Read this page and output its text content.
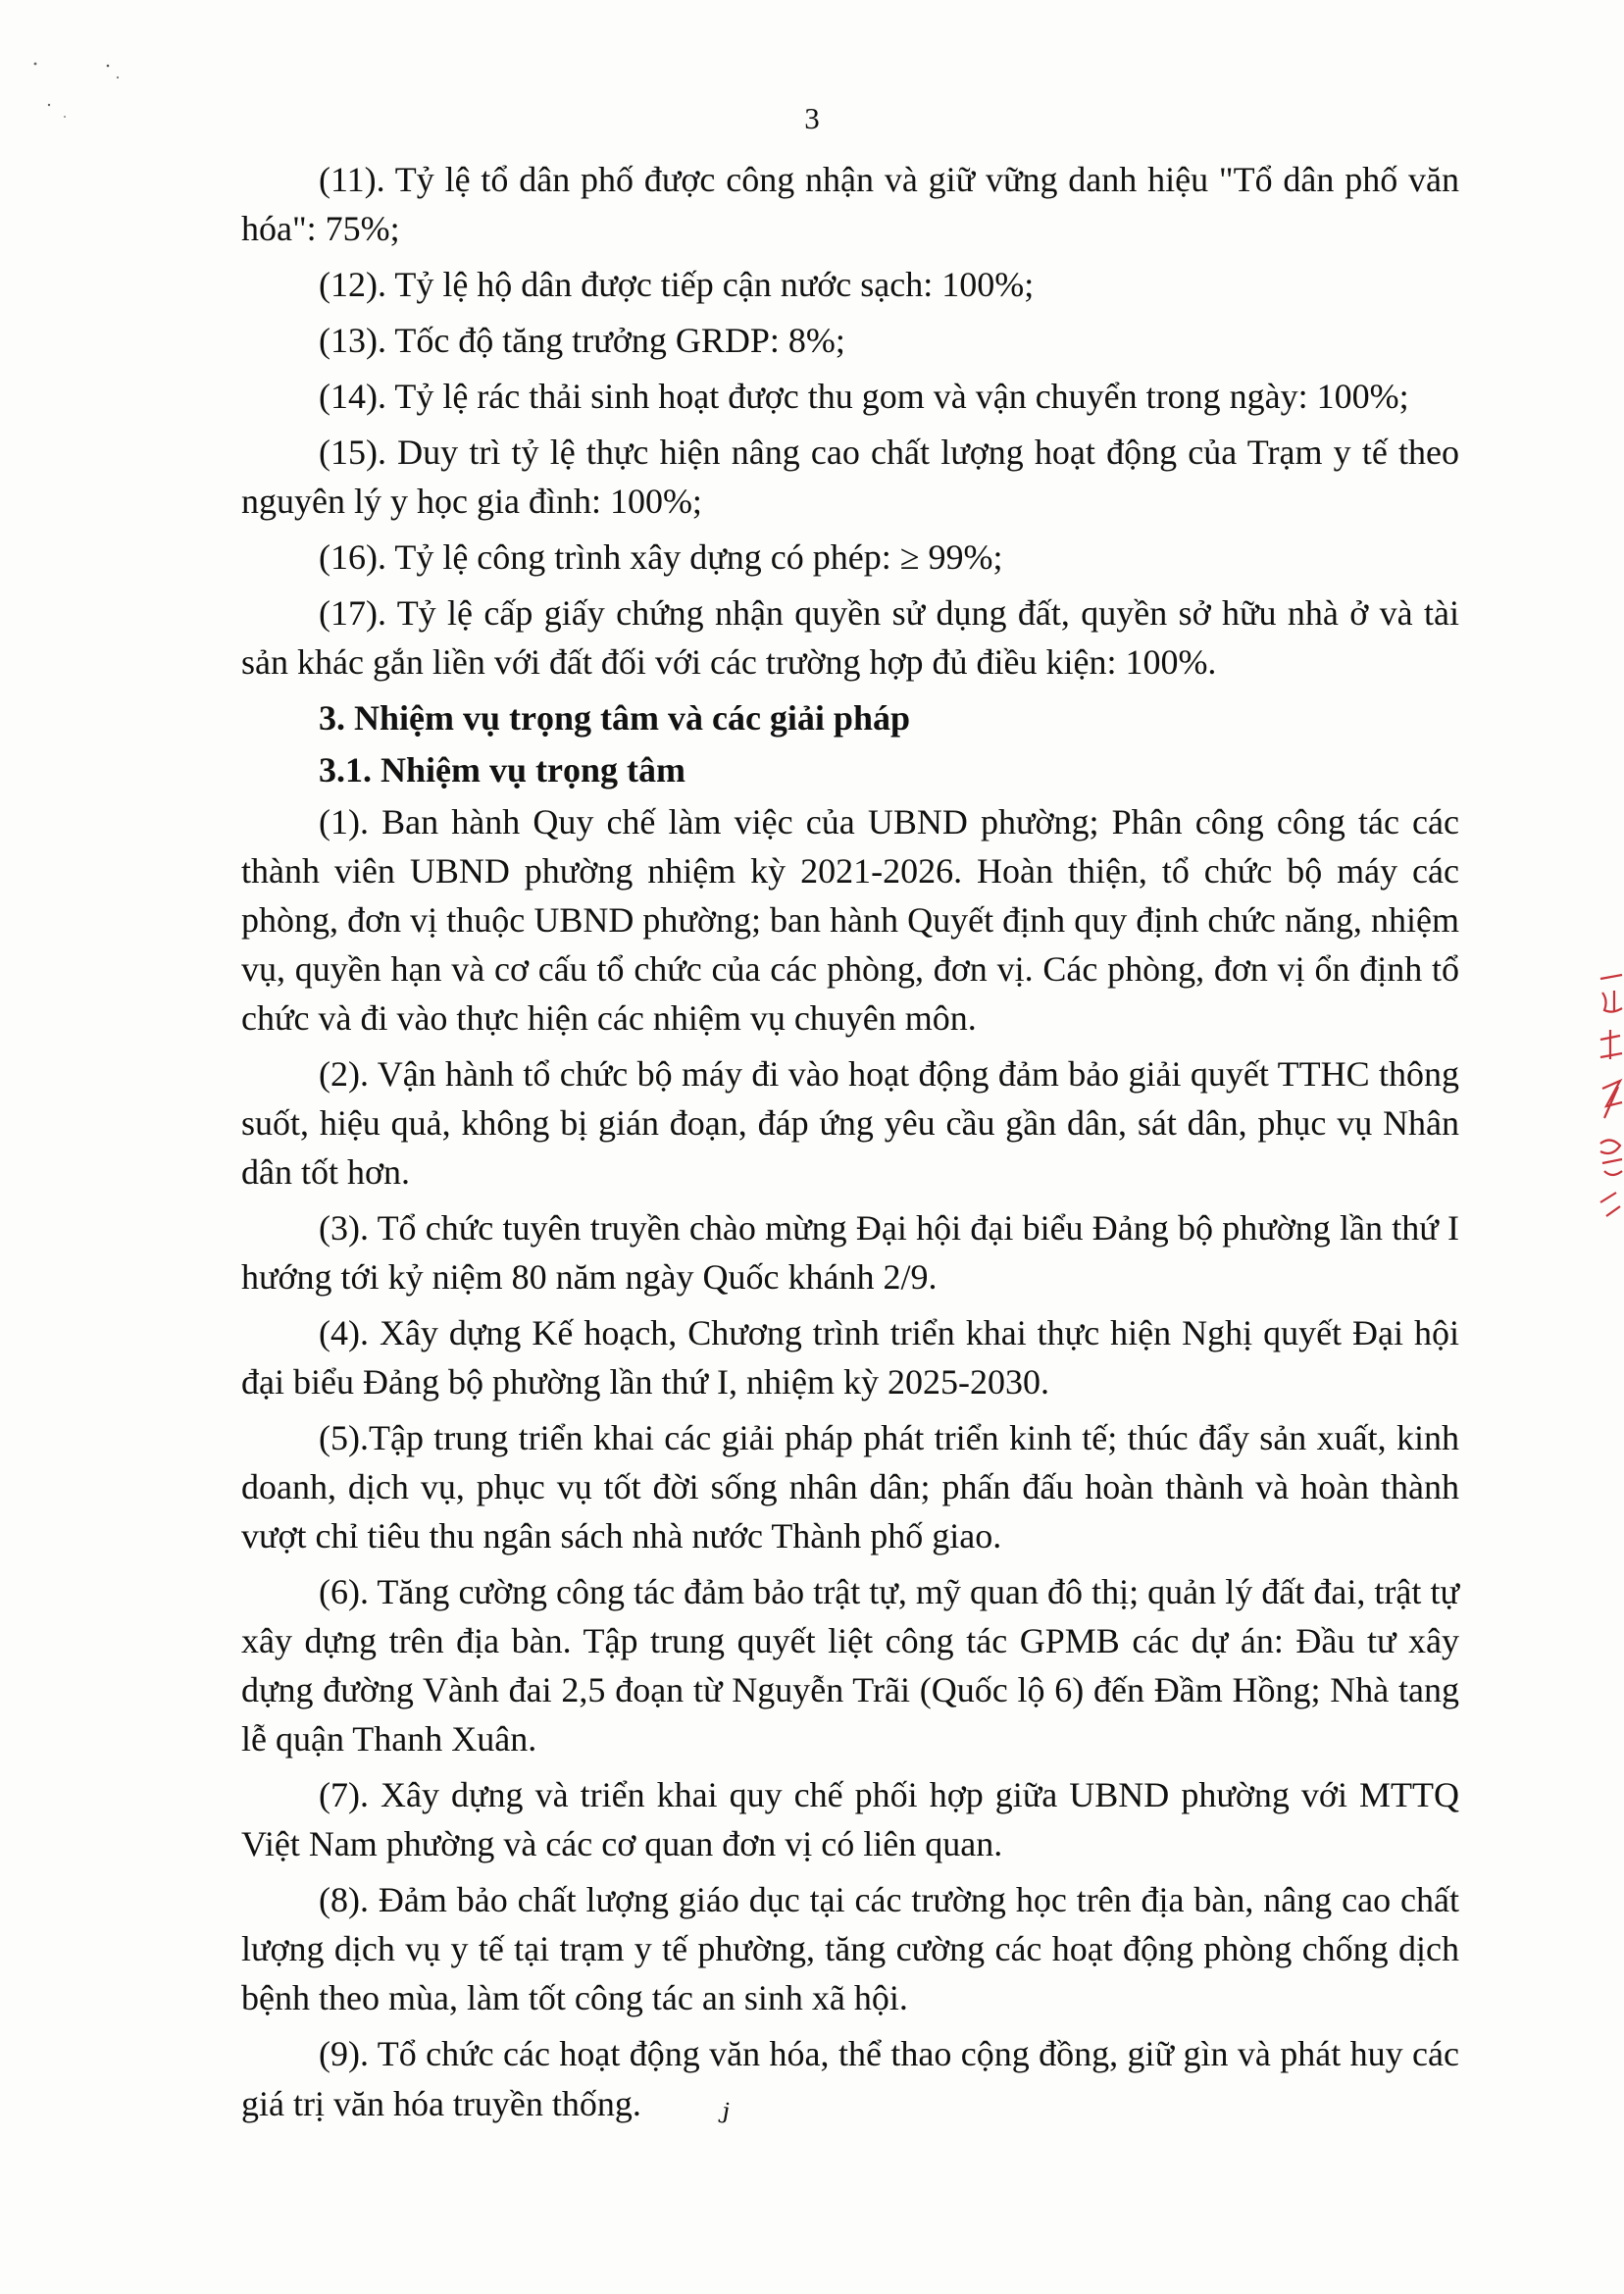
3

(11). Tỷ lệ tổ dân phố được công nhận và giữ vững danh hiệu "Tổ dân phố văn hóa": 75%;

(12). Tỷ lệ hộ dân được tiếp cận nước sạch: 100%;

(13). Tốc độ tăng trưởng GRDP: 8%;

(14). Tỷ lệ rác thải sinh hoạt được thu gom và vận chuyển trong ngày: 100%;

(15). Duy trì tỷ lệ thực hiện nâng cao chất lượng hoạt động của Trạm y tế theo nguyên lý y học gia đình: 100%;

(16). Tỷ lệ công trình xây dựng có phép: ≥ 99%;

(17). Tỷ lệ cấp giấy chứng nhận quyền sử dụng đất, quyền sở hữu nhà ở và tài sản khác gắn liền với đất đối với các trường hợp đủ điều kiện: 100%.

3. Nhiệm vụ trọng tâm và các giải pháp

3.1. Nhiệm vụ trọng tâm

(1). Ban hành Quy chế làm việc của UBND phường; Phân công công tác các thành viên UBND phường nhiệm kỳ 2021-2026. Hoàn thiện, tổ chức bộ máy các phòng, đơn vị thuộc UBND phường; ban hành Quyết định quy định chức năng, nhiệm vụ, quyền hạn và cơ cấu tổ chức của các phòng, đơn vị. Các phòng, đơn vị ổn định tổ chức và đi vào thực hiện các nhiệm vụ chuyên môn.

(2). Vận hành tổ chức bộ máy đi vào hoạt động đảm bảo giải quyết TTHC thông suốt, hiệu quả, không bị gián đoạn, đáp ứng yêu cầu gần dân, sát dân, phục vụ Nhân dân tốt hơn.

(3). Tổ chức tuyên truyền chào mừng Đại hội đại biểu Đảng bộ phường lần thứ I hướng tới kỷ niệm 80 năm ngày Quốc khánh 2/9.

(4). Xây dựng Kế hoạch, Chương trình triển khai thực hiện Nghị quyết Đại hội đại biểu Đảng bộ phường lần thứ I, nhiệm kỳ 2025-2030.

(5).Tập trung triển khai các giải pháp phát triển kinh tế; thúc đẩy sản xuất, kinh doanh, dịch vụ, phục vụ tốt đời sống nhân dân; phấn đấu hoàn thành và hoàn thành vượt chỉ tiêu thu ngân sách nhà nước Thành phố giao.

(6). Tăng cường công tác đảm bảo trật tự, mỹ quan đô thị; quản lý đất đai, trật tự xây dựng trên địa bàn. Tập trung quyết liệt công tác GPMB các dự án: Đầu tư xây dựng đường Vành đai 2,5 đoạn từ Nguyễn Trãi (Quốc lộ 6) đến Đầm Hồng; Nhà tang lễ quận Thanh Xuân.

(7). Xây dựng và triển khai quy chế phối hợp giữa UBND phường với MTTQ Việt Nam phường và các cơ quan đơn vị có liên quan.

(8). Đảm bảo chất lượng giáo dục tại các trường học trên địa bàn, nâng cao chất lượng dịch vụ y tế tại trạm y tế phường, tăng cường các hoạt động phòng chống dịch bệnh theo mùa, làm tốt công tác an sinh xã hội.

(9). Tổ chức các hoạt động văn hóa, thể thao cộng đồng, giữ gìn và phát huy các giá trị văn hóa truyền thống. ⱼ
